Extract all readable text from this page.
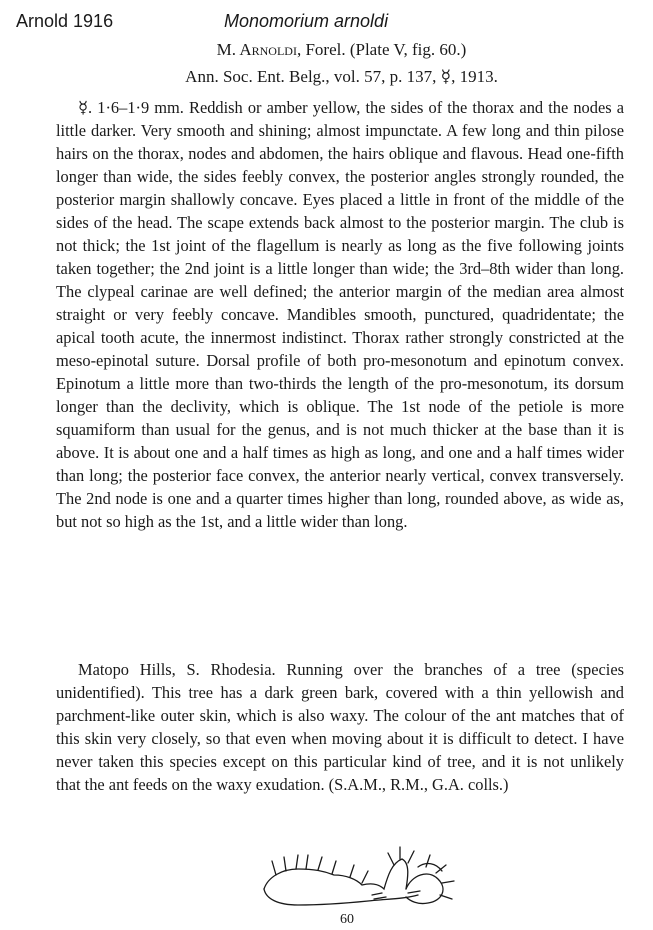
Arnold 1916	Monomorium arnoldi
M. Arnoldi, Forel. (Plate V, fig. 60.)
Ann. Soc. Ent. Belg., vol. 57, p. 137, ☿, 1913.

☿. 1·6–1·9 mm. Reddish or amber yellow, the sides of the thorax and the nodes a little darker. Very smooth and shining; almost impunctate. A few long and thin pilose hairs on the thorax, nodes and abdomen, the hairs oblique and flavous. Head one-fifth longer than wide, the sides feebly convex, the posterior angles strongly rounded, the posterior margin shallowly concave. Eyes placed a little in front of the middle of the sides of the head. The scape extends back almost to the posterior margin. The club is not thick; the 1st joint of the flagellum is nearly as long as the five following joints taken together; the 2nd joint is a little longer than wide; the 3rd–8th wider than long. The clypeal carinae are well defined; the anterior margin of the median area almost straight or very feebly concave. Mandibles smooth, punctured, quadridentate; the apical tooth acute, the innermost indistinct. Thorax rather strongly constricted at the meso-epinotal suture. Dorsal profile of both pro-mesonotum and epinotum convex. Epinotum a little more than two-thirds the length of the pro-mesonotum, its dorsum longer than the declivity, which is oblique. The 1st node of the petiole is more squamiform than usual for the genus, and is not much thicker at the base than it is above. It is about one and a half times as high as long, and one and a half times wider than long; the posterior face convex, the anterior nearly vertical, convex transversely. The 2nd node is one and a quarter times higher than long, rounded above, as wide as, but not so high as the 1st, and a little wider than long.

Matopo Hills, S. Rhodesia. Running over the branches of a tree (species unidentified). This tree has a dark green bark, covered with a thin yellowish and parchment-like outer skin, which is also waxy. The colour of the ant matches that of this skin very closely, so that even when moving about it is difficult to detect. I have never taken this species except on this particular kind of tree, and it is not unlikely that the ant feeds on the waxy exudation. (S.A.M., R.M., G.A. colls.)

60
